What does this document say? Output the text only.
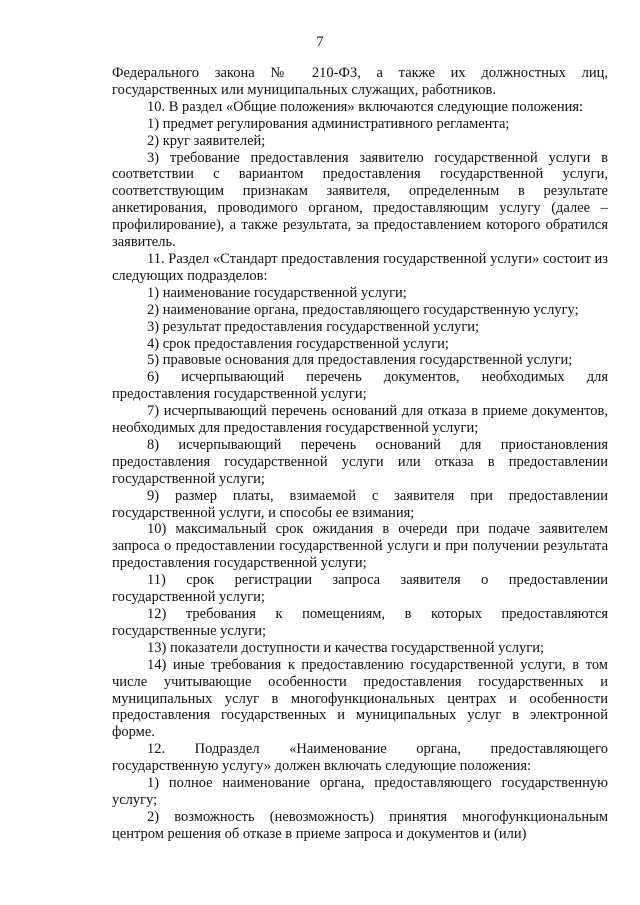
7

Федерального закона № 210-ФЗ, а также их должностных лиц, государственных или муниципальных служащих, работников.

10. В раздел «Общие положения» включаются следующие положения:

1) предмет регулирования административного регламента;

2) круг заявителей;

3) требование предоставления заявителю государственной услуги в соответствии с вариантом предоставления государственной услуги, соответствующим признакам заявителя, определенным в результате анкетирования, проводимого органом, предоставляющим услугу (далее – профилирование), а также результата, за предоставлением которого обратился заявитель.

11. Раздел «Стандарт предоставления государственной услуги» состоит из следующих подразделов:

1) наименование государственной услуги;

2) наименование органа, предоставляющего государственную услугу;

3) результат предоставления государственной услуги;

4) срок предоставления государственной услуги;

5) правовые основания для предоставления государственной услуги;

6) исчерпывающий перечень документов, необходимых для предоставления государственной услуги;

7) исчерпывающий перечень оснований для отказа в приеме документов, необходимых для предоставления государственной услуги;

8) исчерпывающий перечень оснований для приостановления предоставления государственной услуги или отказа в предоставлении государственной услуги;

9) размер платы, взимаемой с заявителя при предоставлении государственной услуги, и способы ее взимания;

10) максимальный срок ожидания в очереди при подаче заявителем запроса о предоставлении государственной услуги и при получении результата предоставления государственной услуги;

11) срок регистрации запроса заявителя о предоставлении государственной услуги;

12) требования к помещениям, в которых предоставляются государственные услуги;

13) показатели доступности и качества государственной услуги;

14) иные требования к предоставлению государственной услуги, в том числе учитывающие особенности предоставления государственных и муниципальных услуг в многофункциональных центрах и особенности предоставления государственных и муниципальных услуг в электронной форме.

12. Подраздел «Наименование органа, предоставляющего государственную услугу» должен включать следующие положения:

1) полное наименование органа, предоставляющего государственную услугу;

2) возможность (невозможность) принятия многофункциональным центром решения об отказе в приеме запроса и документов и (или)
